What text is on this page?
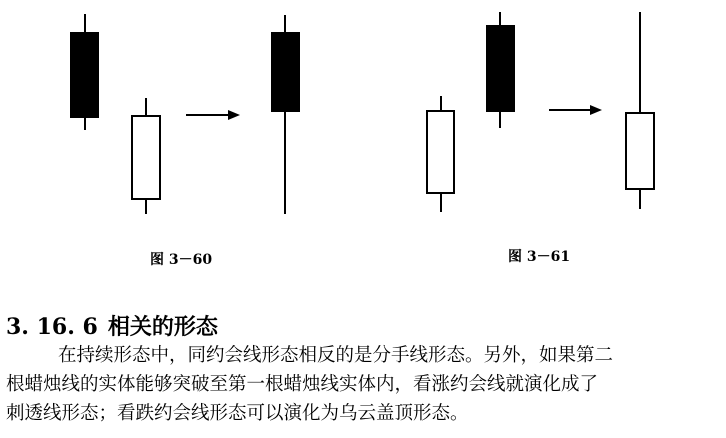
图 3－60	图 3－61
3. 16. 6 相关的形态
在持续形态中，同约会线形态相反的是分手线形态。另外，如果第二
根蜡烛线的实体能够突破至第一根蜡烛线实体内，看涨约会线就演化成了
刺透线形态；看跌约会线形态可以演化为乌云盖顶形态。
